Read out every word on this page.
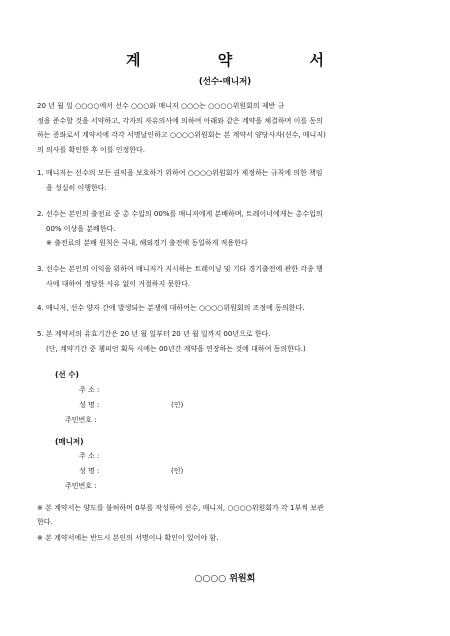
계 약 서
(선수-매니저)
20 년 월 일 ○○○○에서 선수 ○○○와 매니저 ○○○는 ○○○○위원회의 제반 규
정을 준수할 것을 서약하고, 각자의 자유의사에 의하여 아래와 같은 계약을 체결하며 이를 동의
하는 증좌로서 계약서에 각각 서명날인하고 ○○○○위원회는 본 계약서 양당사자(선수, 매니저)
의 의사를 확인한 후 이를 인정한다.
1. 매니저는 선수의 모든 권익을 보호하기 위하여 ○○○○위원회가 제정하는 규칙에 의한 책임
을 성실히 이행한다.
2. 선수는 본인의 출전료 중 총 수입의 00%를 매니저에게 분배하며, 트레이너에게는 총수입의
00% 이상을 분배한다.
※ 출전료의 분배 원칙은 국내, 해외경기 출전에 동일하게 적용한다
3. 선수는 본인의 이익을 위하여 매니저가 지시하는 트레이닝 및 기타 경기출전에 관한 각종 행
사에 대하여 정당한 사유 없이 거절하지 못한다.
4. 매니저, 선수 양자 간에 발생되는 분쟁에 대하여는 ○○○○위원회의 조정에 동의한다.
5. 본 계약서의 유효기간은 20 년 월 일부터 20 년 월 일까지 00년으로 한다.
(단, 계약기간 중 챔피언 획득 시에는 00년간 계약을 연장하는 것에 대하여 동의한다.)
(선 수)
주 소 :
성 명 :	(인)
주민번호 :
(매니저)
주 소 :
성 명 :	(인)
주민번호 :
※ 본 계약서는 양도를 불허하며 0부를 작성하여 선수, 매니저, ○○○○위원회가 각 1부씩 보관
한다.
※ 본 계약서에는 반드시 본인의 서명이나 확인이 있어야 함.
○○○○ 위원회
